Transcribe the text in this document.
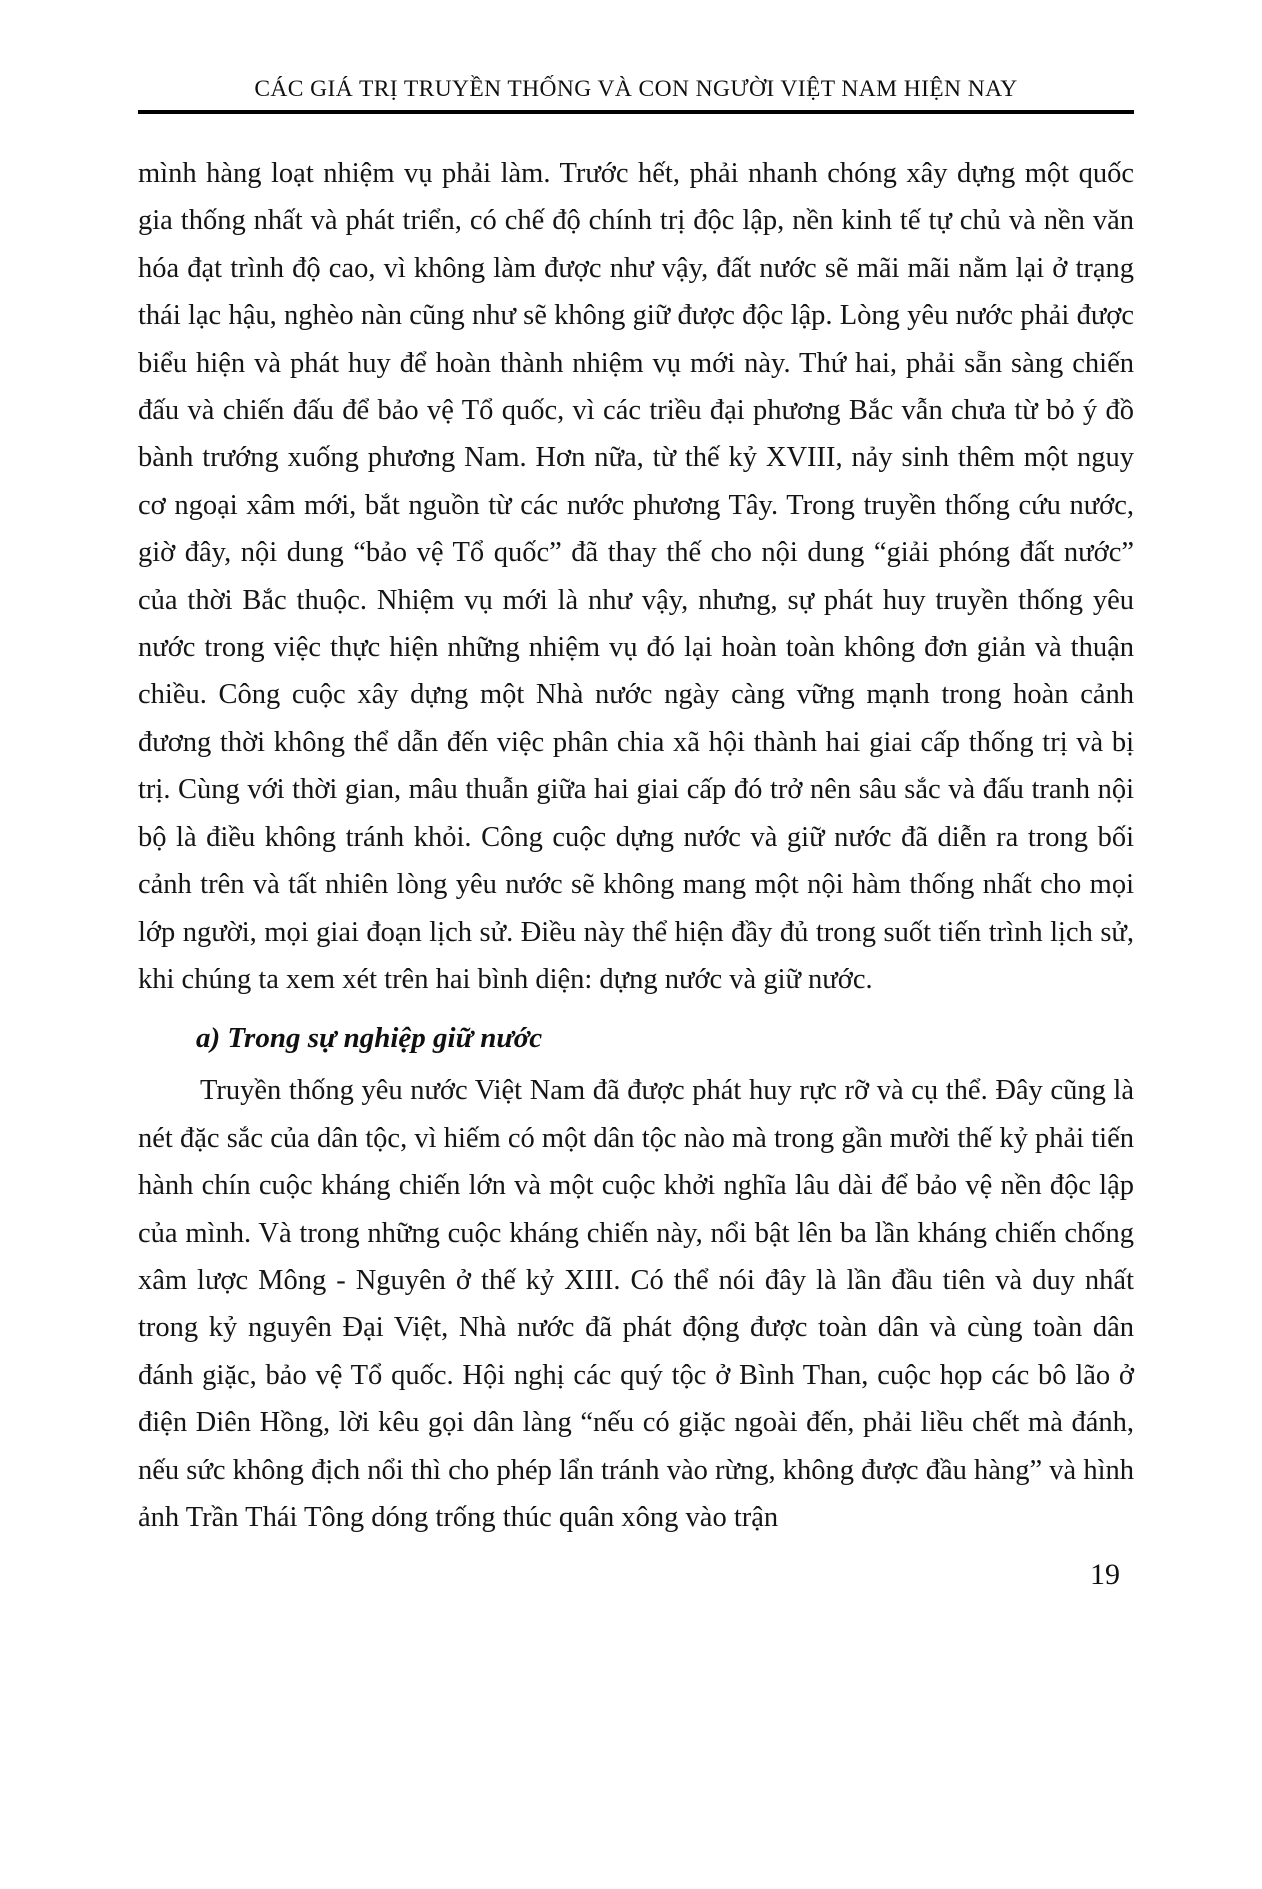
CÁC GIÁ TRỊ TRUYỀN THỐNG VÀ CON NGƯỜI VIỆT NAM HIỆN NAY

mình hàng loạt nhiệm vụ phải làm. Trước hết, phải nhanh chóng xây dựng một quốc gia thống nhất và phát triển, có chế độ chính trị độc lập, nền kinh tế tự chủ và nền văn hóa đạt trình độ cao, vì không làm được như vậy, đất nước sẽ mãi mãi nằm lại ở trạng thái lạc hậu, nghèo nàn cũng như sẽ không giữ được độc lập. Lòng yêu nước phải được biểu hiện và phát huy để hoàn thành nhiệm vụ mới này. Thứ hai, phải sẵn sàng chiến đấu và chiến đấu để bảo vệ Tổ quốc, vì các triều đại phương Bắc vẫn chưa từ bỏ ý đồ bành trướng xuống phương Nam. Hơn nữa, từ thế kỷ XVIII, nảy sinh thêm một nguy cơ ngoại xâm mới, bắt nguồn từ các nước phương Tây. Trong truyền thống cứu nước, giờ đây, nội dung “bảo vệ Tổ quốc” đã thay thế cho nội dung “giải phóng đất nước” của thời Bắc thuộc. Nhiệm vụ mới là như vậy, nhưng, sự phát huy truyền thống yêu nước trong việc thực hiện những nhiệm vụ đó lại hoàn toàn không đơn giản và thuận chiều. Công cuộc xây dựng một Nhà nước ngày càng vững mạnh trong hoàn cảnh đương thời không thể dẫn đến việc phân chia xã hội thành hai giai cấp thống trị và bị trị. Cùng với thời gian, mâu thuẫn giữa hai giai cấp đó trở nên sâu sắc và đấu tranh nội bộ là điều không tránh khỏi. Công cuộc dựng nước và giữ nước đã diễn ra trong bối cảnh trên và tất nhiên lòng yêu nước sẽ không mang một nội hàm thống nhất cho mọi lớp người, mọi giai đoạn lịch sử. Điều này thể hiện đầy đủ trong suốt tiến trình lịch sử, khi chúng ta xem xét trên hai bình diện: dựng nước và giữ nước.

a) Trong sự nghiệp giữ nước

Truyền thống yêu nước Việt Nam đã được phát huy rực rỡ và cụ thể. Đây cũng là nét đặc sắc của dân tộc, vì hiếm có một dân tộc nào mà trong gần mười thế kỷ phải tiến hành chín cuộc kháng chiến lớn và một cuộc khởi nghĩa lâu dài để bảo vệ nền độc lập của mình. Và trong những cuộc kháng chiến này, nổi bật lên ba lần kháng chiến chống xâm lược Mông - Nguyên ở thế kỷ XIII. Có thể nói đây là lần đầu tiên và duy nhất trong kỷ nguyên Đại Việt, Nhà nước đã phát động được toàn dân và cùng toàn dân đánh giặc, bảo vệ Tổ quốc. Hội nghị các quý tộc ở Bình Than, cuộc họp các bô lão ở điện Diên Hồng, lời kêu gọi dân làng “nếu có giặc ngoài đến, phải liều chết mà đánh, nếu sức không địch nổi thì cho phép lẩn tránh vào rừng, không được đầu hàng” và hình ảnh Trần Thái Tông dóng trống thúc quân xông vào trận

19
